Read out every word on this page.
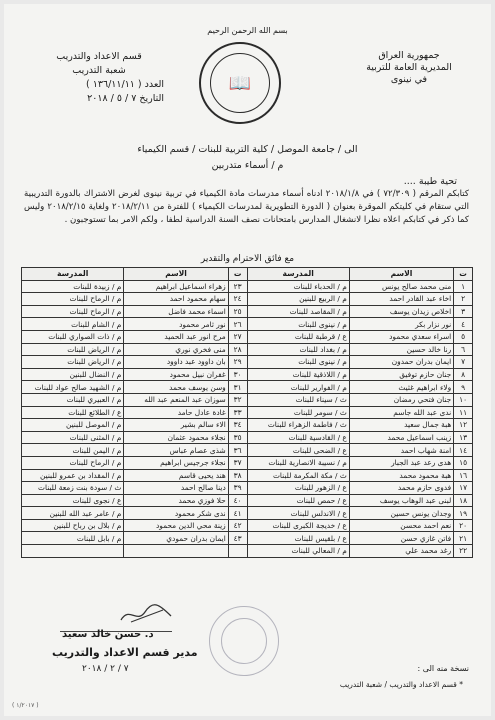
بسم الله الرحمن الرحيم
جمهورية العراق
المديرية العامة للتربية
في نينوى
📖
قسم الاعداد والتدريب
شعبة التدريب
العدد ( ١٣٦/١١/١١ )
التاريخ ٧ / ٥ / ٢٠١٨
الى / جامعة الموصل / كلية التربية للبنات / قسم الكيمياء
م / أسماء متدربين
تحية طيبة ....
كتابكم المرقم ( ٧٢/٣٠٩ ) في ٢٠١٨/١/٨ ادناه أسماء مدرسات مادة الكيمياء في تربية نينوى لغرض الاشتراك بالدورة التدريبية التي ستقام في كليتكم الموقرة بعنوان ( الدورة التطويرية لمدرسات الكيمياء ) للفترة من ٢٠١٨/٢/١١ ولغاية ٢٠١٨/٢/١٥ وليس كما ذكر في كتابكم اعلاه نظرا لانشغال المدارس بامتحانات نصف السنة الدراسية لطفا ، ولكم الامر بما تستوجبون .
مع فائق الاحترام والتقدير
ت	الاسم	المدرسة	ت	الاسم	المدرسة
١	منى محمد صالح يونس	م / الحدباء للبنات	٢٣	زهراء اسماعيل ابراهيم	م / زبيدة للبنات
٢	اخاء عبد القادر احمد	م / الربيع للبنين	٢٤	سهام محمود احمد	م / الرماح للبنات
٣	اخلاص زيدان يوسف	م / المقاصد للبنات	٢٥	اسماء محمد فاضل	م / الرماح للبنات
٤	نور نزار بكر	م / نينوى للبنات	٢٦	نور ثامر محمود	م / الشام للبنات
٥	اسراء سعدي محمود	ع / قرطبة للبنات	٢٧	مرح انور عبد الحميد	م / ذات الصواري للبنات
٦	رنا خالد حسين	م / بغداد للبنات	٢٨	منى فخري نوري	م / الرياض للبنات
٧	ايمان بدران حمدون	م / نينوى للبنات	٢٩	بان داوود عبد داوود	م / الرياض للبنات
٨	جنان حازم توفيق	م / اللاذقية للبنات	٣٠	غفران نبيل محمود	م / النضال للبنين
٩	ولاء ابراهيم غثيث	م / الفوارير للبنات	٣١	وسن يوسف محمد	م / الشهيد صالح عواد للبنات
١٠	جنان فتحي رمضان	ث / سيناء للبنات	٣٢	سوزان عبد المنعم عبد الله	م / العبيري للبنات
١١	ندى عبد الله جاسم	ث / سومر للبنات	٣٣	غادة عادل حامد	ع / الطلائع للبنات
١٢	هبة جمال سعيد	ث / فاطمة الزهراء للبنات	٣٤	الاء سالم بشير	م / الموصل للبنين
١٣	زينب اسماعيل محمد	ع / القادسية للبنات	٣٥	نجلاء محمود عثمان	م / المثنى للبنات
١٤	امنة شهاب احمد	ع / الضحى للبنات	٣٦	شذى عصام عباس	م / اليمن للبنات
١٥	هدى رعد عبد الجبار	م / نسيبة الانصارية للبنات	٣٧	نجلاء جرجيس ابراهيم	م / الرماح للبنات
١٦	هبة محمود محمد	ث / مكة المكرمة للبنات	٣٨	هند يحيى قاسم	م / المقداد بن عمرو للبنين
١٧	فدوى حازم محمد	ع / الزهور للبنات	٣٩	دينا صالح احمد	ث / سودة بنت زمعة للبنات
١٨	لبنى عبد الوهاب يوسف	ع / حمص للبنات	٤٠	حلا فوزي محمد	ع / نجوى للبنات
١٩	وجدان يونس حسين	ع / الاندلس للبنات	٤١	ندى شكر محمود	م / عامر عبد الله للبنين
٢٠	نعم احمد محسن	ع / خديجة الكبرى للبنات	٤٢	زينة محي الدين محمود	م / بلال بن رباح للبنين
٢١	فاتن غازي حسن	ع / بلقيس للبنات	٤٣	ايمان بدران حمودي	م / بابل للبنات
٢٢	رغد محمد علي	م / المعالي للبنات			
د. حسن خالد سعيد
مدير قسم الاعداد والتدريب
٧ / ٢ / ٢٠١٨	نسخة منه الى :
* قسم الاعداد والتدريب / شعبة التدريب
( ١/٢٠١٧ )
